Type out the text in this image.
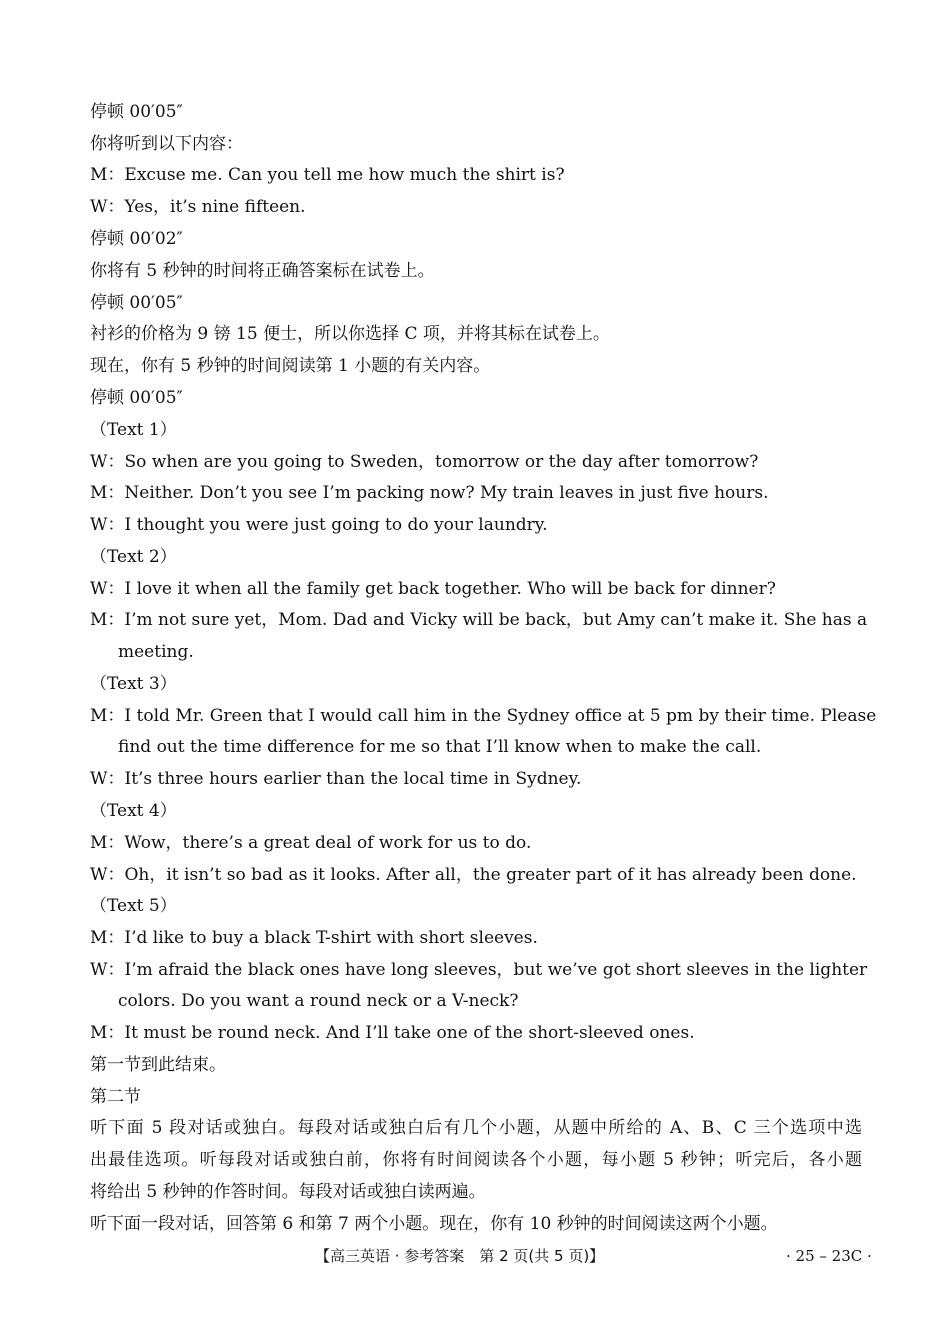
停顿 00′05″
你将听到以下内容：
M：Excuse me. Can you tell me how much the shirt is?
W：Yes，it’s nine fifteen.
停顿 00′02″
你将有 5 秒钟的时间将正确答案标在试卷上。
停顿 00′05″
衬衫的价格为 9 镑 15 便士，所以你选择 C 项，并将其标在试卷上。
现在，你有 5 秒钟的时间阅读第 1 小题的有关内容。
停顿 00′05″
（Text 1）
W：So when are you going to Sweden，tomorrow or the day after tomorrow?
M：Neither. Don’t you see I’m packing now? My train leaves in just five hours.
W：I thought you were just going to do your laundry.
（Text 2）
W：I love it when all the family get back together. Who will be back for dinner?
M：I’m not sure yet，Mom. Dad and Vicky will be back，but Amy can’t make it. She has a
meeting.
（Text 3）
M：I told Mr. Green that I would call him in the Sydney office at 5 pm by their time. Please
find out the time difference for me so that I’ll know when to make the call.
W：It’s three hours earlier than the local time in Sydney.
（Text 4）
M：Wow，there’s a great deal of work for us to do.
W：Oh，it isn’t so bad as it looks. After all，the greater part of it has already been done.
（Text 5）
M：I’d like to buy a black T-shirt with short sleeves.
W：I’m afraid the black ones have long sleeves，but we’ve got short sleeves in the lighter
colors. Do you want a round neck or a V-neck?
M：It must be round neck. And I’ll take one of the short-sleeved ones.
第一节到此结束。
第二节
听下面 5 段对话或独白。每段对话或独白后有几个小题，从题中所给的 A、B、C 三个选项中选
出最佳选项。听每段对话或独白前，你将有时间阅读各个小题，每小题 5 秒钟；听完后，各小题
将给出 5 秒钟的作答时间。每段对话或独白读两遍。
听下面一段对话，回答第 6 和第 7 两个小题。现在，你有 10 秒钟的时间阅读这两个小题。
【高三英语 · 参考答案　第 2 页(共 5 页)】	· 25 – 23C ·
